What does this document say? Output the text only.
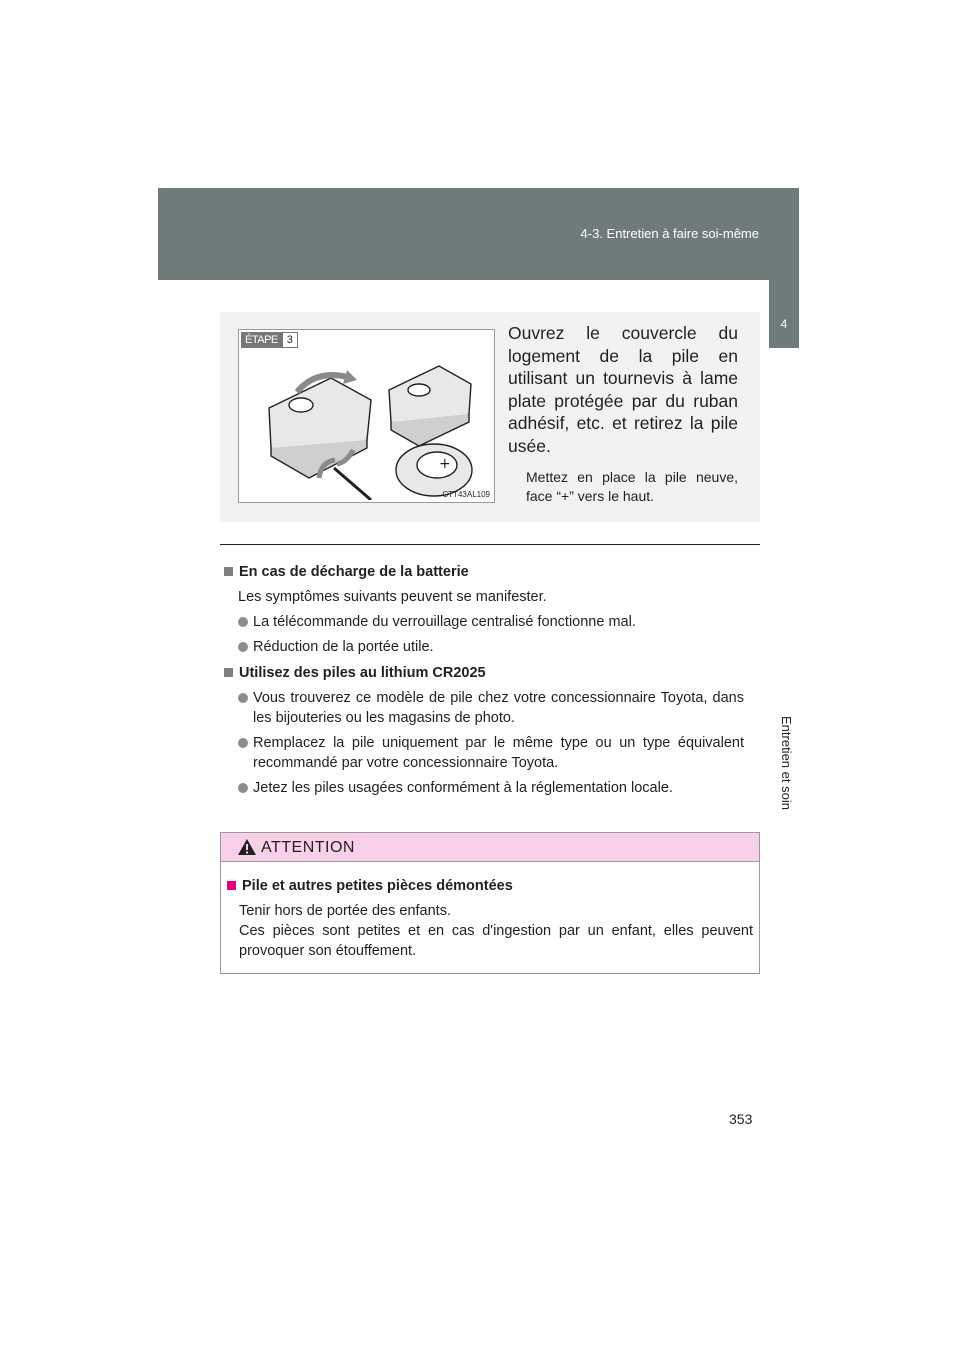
4-3. Entretien à faire soi-même
4
Entretien et soin
ÉTAPE 3
+
CTT43AL109
Ouvrez le couvercle du logement de la pile en utilisant un tournevis à lame plate protégée par du ruban adhésif, etc. et retirez la pile usée.
Mettez en place la pile neuve, face “+” vers le haut.
En cas de décharge de la batterie
Les symptômes suivants peuvent se manifester.
La télécommande du verrouillage centralisé fonctionne mal.
Réduction de la portée utile.
Utilisez des piles au lithium CR2025
Vous trouverez ce modèle de pile chez votre concessionnaire Toyota, dans les bijouteries ou les magasins de photo.
Remplacez la pile uniquement par le même type ou un type équivalent recommandé par votre concessionnaire Toyota.
Jetez les piles usagées conformément à la réglementation locale.
ATTENTION
Pile et autres petites pièces démontées
Tenir hors de portée des enfants.
Ces pièces sont petites et en cas d'ingestion par un enfant, elles peuvent provoquer son étouffement.
353
